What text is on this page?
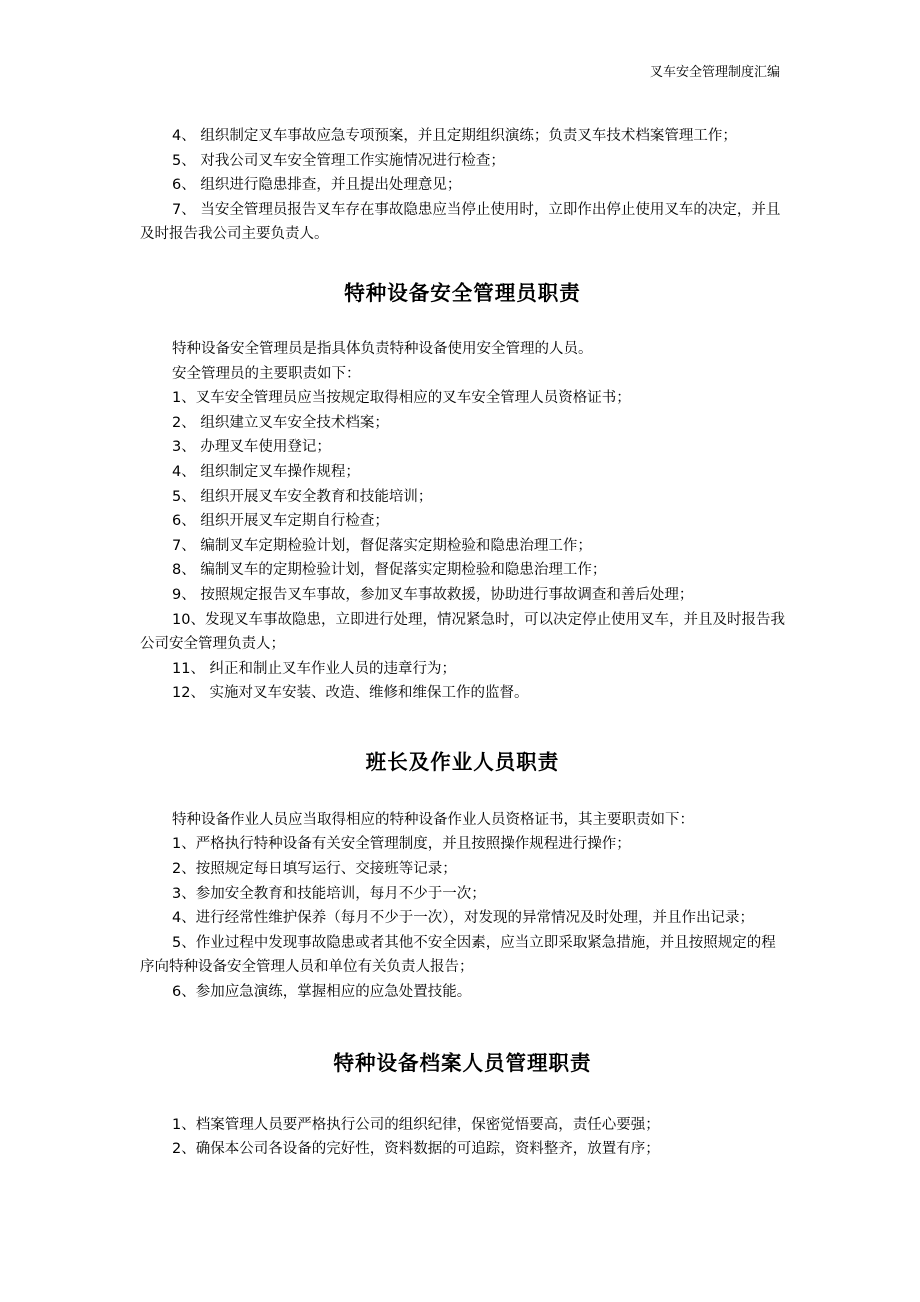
叉车安全管理制度汇编

4、 组织制定叉车事故应急专项预案，并且定期组织演练；负责叉车技术档案管理工作；

5、 对我公司叉车安全管理工作实施情况进行检查；

6、 组织进行隐患排查，并且提出处理意见；

7、 当安全管理员报告叉车存在事故隐患应当停止使用时，立即作出停止使用叉车的决定，并且及时报告我公司主要负责人。

特种设备安全管理员职责

特种设备安全管理员是指具体负责特种设备使用安全管理的人员。

安全管理员的主要职责如下：

1、叉车安全管理员应当按规定取得相应的叉车安全管理人员资格证书；

2、 组织建立叉车安全技术档案；

3、 办理叉车使用登记；

4、 组织制定叉车操作规程；

5、 组织开展叉车安全教育和技能培训；

6、 组织开展叉车定期自行检查；

7、 编制叉车定期检验计划，督促落实定期检验和隐患治理工作；

8、 编制叉车的定期检验计划，督促落实定期检验和隐患治理工作；

9、 按照规定报告叉车事故，参加叉车事故救援，协助进行事故调查和善后处理；

10、发现叉车事故隐患，立即进行处理，情况紧急时，可以决定停止使用叉车，并且及时报告我公司安全管理负责人；

11、 纠正和制止叉车作业人员的违章行为；

12、 实施对叉车安装、改造、维修和维保工作的监督。

班长及作业人员职责

特种设备作业人员应当取得相应的特种设备作业人员资格证书，其主要职责如下：

1、严格执行特种设备有关安全管理制度，并且按照操作规程进行操作；

2、按照规定每日填写运行、交接班等记录；

3、参加安全教育和技能培训，每月不少于一次；

4、进行经常性维护保养（每月不少于一次），对发现的异常情况及时处理，并且作出记录；

5、作业过程中发现事故隐患或者其他不安全因素，应当立即采取紧急措施，并且按照规定的程序向特种设备安全管理人员和单位有关负责人报告；

6、参加应急演练，掌握相应的应急处置技能。

特种设备档案人员管理职责

1、档案管理人员要严格执行公司的组织纪律，保密觉悟要高，责任心要强；

2、确保本公司各设备的完好性，资料数据的可追踪，资料整齐，放置有序；
